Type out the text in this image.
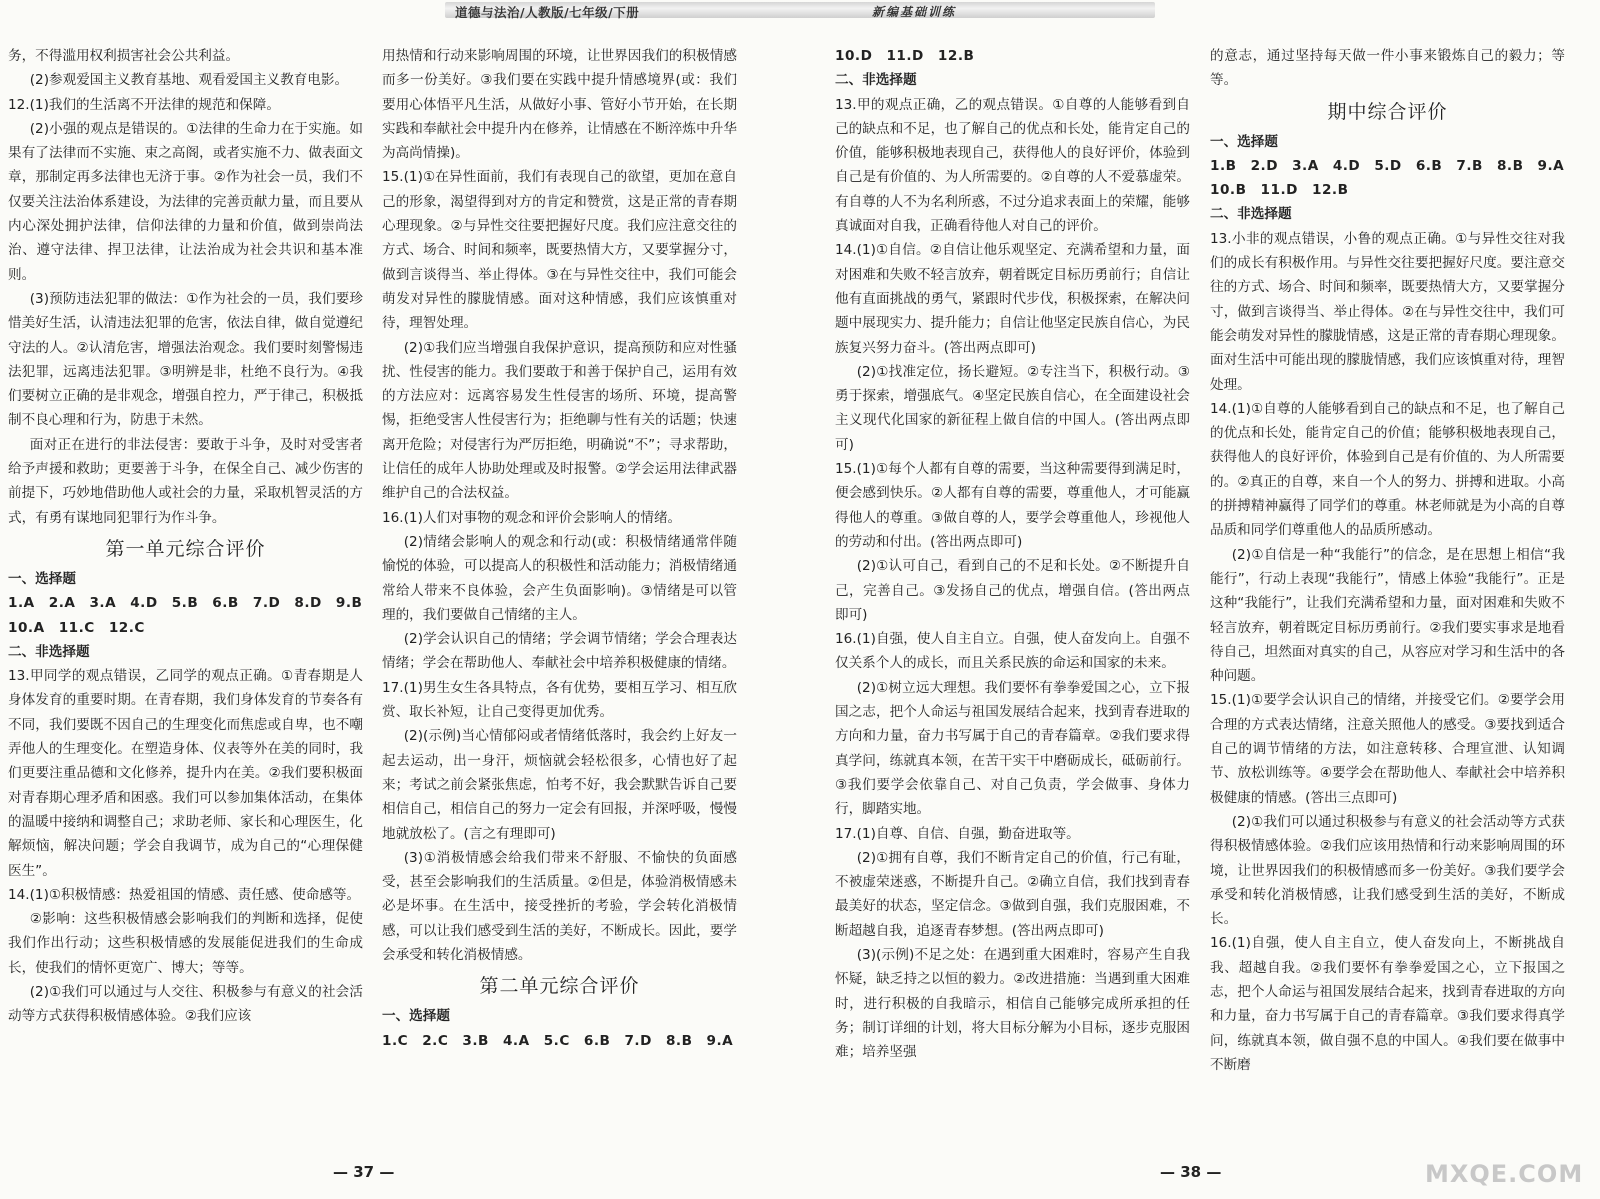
道德与法治/人教版/七年级/下册	新编基础训练

务，不得滥用权利损害社会公共利益。

(2)参观爱国主义教育基地、观看爱国主义教育电影。

12.(1)我们的生活离不开法律的规范和保障。

(2)小强的观点是错误的。①法律的生命力在于实施。如果有了法律而不实施、束之高阁，或者实施不力、做表面文章，那制定再多法律也无济于事。②作为社会一员，我们不仅要关注法治体系建设，为法律的完善贡献力量，而且要从内心深处拥护法律，信仰法律的力量和价值，做到崇尚法治、遵守法律、捍卫法律，让法治成为社会共识和基本准则。

(3)预防违法犯罪的做法：①作为社会的一员，我们要珍惜美好生活，认清违法犯罪的危害，依法自律，做自觉遵纪守法的人。②认清危害，增强法治观念。我们要时刻警惕违法犯罪，远离违法犯罪。③明辨是非，杜绝不良行为。④我们要树立正确的是非观念，增强自控力，严于律己，积极抵制不良心理和行为，防患于未然。

面对正在进行的非法侵害：要敢于斗争，及时对受害者给予声援和救助；更要善于斗争，在保全自己、减少伤害的前提下，巧妙地借助他人或社会的力量，采取机智灵活的方式，有勇有谋地同犯罪行为作斗争。

第一单元综合评价
一、选择题

1.A　2.A　3.A　4.D　5.B　6.B　7.D　8.D　9.B

10.A　11.C　12.C

二、非选择题

13.甲同学的观点错误，乙同学的观点正确。①青春期是人身体发育的重要时期。在青春期，我们身体发育的节奏各有不同，我们要既不因自己的生理变化而焦虑或自卑，也不嘲弄他人的生理变化。在塑造身体、仪表等外在美的同时，我们更要注重品德和文化修养，提升内在美。②我们要积极面对青春期心理矛盾和困惑。我们可以参加集体活动，在集体的温暖中接纳和调整自己；求助老师、家长和心理医生，化解烦恼，解决问题；学会自我调节，成为自己的“心理保健医生”。

14.(1)①积极情感：热爱祖国的情感、责任感、使命感等。

②影响：这些积极情感会影响我们的判断和选择，促使我们作出行动；这些积极情感的发展能促进我们的生命成长，使我们的情怀更宽广、博大；等等。

(2)①我们可以通过与人交往、积极参与有意义的社会活动等方式获得积极情感体验。②我们应该

用热情和行动来影响周围的环境，让世界因我们的积极情感而多一份美好。③我们要在实践中提升情感境界(或：我们要用心体悟平凡生活，从做好小事、管好小节开始，在长期实践和奉献社会中提升内在修养，让情感在不断淬炼中升华为高尚情操)。

15.(1)①在异性面前，我们有表现自己的欲望，更加在意自己的形象，渴望得到对方的肯定和赞赏，这是正常的青春期心理现象。②与异性交往要把握好尺度。我们应注意交往的方式、场合、时间和频率，既要热情大方，又要掌握分寸，做到言谈得当、举止得体。③在与异性交往中，我们可能会萌发对异性的朦胧情感。面对这种情感，我们应该慎重对待，理智处理。

(2)①我们应当增强自我保护意识，提高预防和应对性骚扰、性侵害的能力。我们要敢于和善于保护自己，运用有效的方法应对：远离容易发生性侵害的场所、环境，提高警惕，拒绝受害人性侵害行为；拒绝聊与性有关的话题；快速离开危险；对侵害行为严厉拒绝，明确说“不”；寻求帮助，让信任的成年人协助处理或及时报警。②学会运用法律武器维护自己的合法权益。

16.(1)人们对事物的观念和评价会影响人的情绪。

(2)情绪会影响人的观念和行动(或：积极情绪通常伴随愉悦的体验，可以提高人的积极性和活动能力；消极情绪通常给人带来不良体验，会产生负面影响)。③情绪是可以管理的，我们要做自己情绪的主人。

(2)学会认识自己的情绪；学会调节情绪；学会合理表达情绪；学会在帮助他人、奉献社会中培养积极健康的情绪。

17.(1)男生女生各具特点，各有优势，要相互学习、相互欣赏、取长补短，让自己变得更加优秀。

(2)(示例)当心情郁闷或者情绪低落时，我会约上好友一起去运动，出一身汗，烦恼就会轻松很多，心情也好了起来；考试之前会紧张焦虑，怕考不好，我会默默告诉自己要相信自己，相信自己的努力一定会有回报，并深呼吸，慢慢地就放松了。(言之有理即可)

(3)①消极情感会给我们带来不舒服、不愉快的负面感受，甚至会影响我们的生活质量。②但是，体验消极情感未必是坏事。在生活中，接受挫折的考验，学会转化消极情感，可以让我们感受到生活的美好，不断成长。因此，要学会承受和转化消极情感。

第二单元综合评价
一、选择题

1.C　2.C　3.B　4.A　5.C　6.B　7.D　8.B　9.A

10.D　11.D　12.B

二、非选择题

13.甲的观点正确，乙的观点错误。①自尊的人能够看到自己的缺点和不足，也了解自己的优点和长处，能肯定自己的价值，能够积极地表现自己，获得他人的良好评价，体验到自己是有价值的、为人所需要的。②自尊的人不爱慕虚荣。有自尊的人不为名利所惑，不过分追求表面上的荣耀，能够真诚面对自我，正确看待他人对自己的评价。

14.(1)①自信。②自信让他乐观坚定、充满希望和力量，面对困难和失败不轻言放弃，朝着既定目标历勇前行；自信让他有直面挑战的勇气，紧跟时代步伐，积极探索，在解决问题中展现实力、提升能力；自信让他坚定民族自信心，为民族复兴努力奋斗。(答出两点即可)

(2)①找准定位，扬长避短。②专注当下，积极行动。③勇于探索，增强底气。④坚定民族自信心，在全面建设社会主义现代化国家的新征程上做自信的中国人。(答出两点即可)

15.(1)①每个人都有自尊的需要，当这种需要得到满足时，便会感到快乐。②人都有自尊的需要，尊重他人，才可能赢得他人的尊重。③做自尊的人，要学会尊重他人，珍视他人的劳动和付出。(答出两点即可)

(2)①认可自己，看到自己的不足和长处。②不断提升自己，完善自己。③发扬自己的优点，增强自信。(答出两点即可)

16.(1)自强，使人自主自立。自强，使人奋发向上。自强不仅关系个人的成长，而且关系民族的命运和国家的未来。

(2)①树立远大理想。我们要怀有拳拳爱国之心，立下报国之志，把个人命运与祖国发展结合起来，找到青春进取的方向和力量，奋力书写属于自己的青春篇章。②我们要求得真学问，练就真本领，在苦干实干中磨砺成长，砥砺前行。③我们要学会依靠自己、对自己负责，学会做事、身体力行，脚踏实地。

17.(1)自尊、自信、自强，勤奋进取等。

(2)①拥有自尊，我们不断肯定自己的价值，行己有耻，不被虚荣迷惑，不断提升自己。②确立自信，我们找到青春最美好的状态，坚定信念。③做到自强，我们克服困难，不断超越自我，追逐青春梦想。(答出两点即可)

(3)(示例)不足之处：在遇到重大困难时，容易产生自我怀疑，缺乏持之以恒的毅力。②改进措施：当遇到重大困难时，进行积极的自我暗示，相信自己能够完成所承担的任务；制订详细的计划，将大目标分解为小目标，逐步克服困难；培养坚强

的意志，通过坚持每天做一件小事来锻炼自己的毅力；等等。

期中综合评价
一、选择题

1.B　2.D　3.A　4.D　5.D　6.B　7.B　8.B　9.A

10.B　11.D　12.B

二、非选择题

13.小非的观点错误，小鲁的观点正确。①与异性交往对我们的成长有积极作用。与异性交往要把握好尺度。要注意交往的方式、场合、时间和频率，既要热情大方，又要掌握分寸，做到言谈得当、举止得体。②在与异性交往中，我们可能会萌发对异性的朦胧情感，这是正常的青春期心理现象。面对生活中可能出现的朦胧情感，我们应该慎重对待，理智处理。

14.(1)①自尊的人能够看到自己的缺点和不足，也了解自己的优点和长处，能肯定自己的价值；能够积极地表现自己，获得他人的良好评价，体验到自己是有价值的、为人所需要的。②真正的自尊，来自一个人的努力、拼搏和进取。小高的拼搏精神赢得了同学们的尊重。林老师就是为小高的自尊品质和同学们尊重他人的品质所感动。

(2)①自信是一种“我能行”的信念，是在思想上相信“我能行”，行动上表现“我能行”，情感上体验“我能行”。正是这种“我能行”，让我们充满希望和力量，面对困难和失败不轻言放弃，朝着既定目标历勇前行。②我们要实事求是地看待自己，坦然面对真实的自己，从容应对学习和生活中的各种问题。

15.(1)①要学会认识自己的情绪，并接受它们。②要学会用合理的方式表达情绪，注意关照他人的感受。③要找到适合自己的调节情绪的方法，如注意转移、合理宣泄、认知调节、放松训练等。④要学会在帮助他人、奉献社会中培养积极健康的情感。(答出三点即可)

(2)①我们可以通过积极参与有意义的社会活动等方式获得积极情感体验。②我们应该用热情和行动来影响周围的环境，让世界因我们的积极情感而多一份美好。③我们要学会承受和转化消极情感，让我们感受到生活的美好，不断成长。

16.(1)自强，使人自主自立，使人奋发向上，不断挑战自我、超越自我。②我们要怀有拳拳爱国之心，立下报国之志，把个人命运与祖国发展结合起来，找到青春进取的方向和力量，奋力书写属于自己的青春篇章。③我们要求得真学问，练就真本领，做自强不息的中国人。④我们要在做事中不断磨

— 37 —	— 38 —	MXQE.COM
